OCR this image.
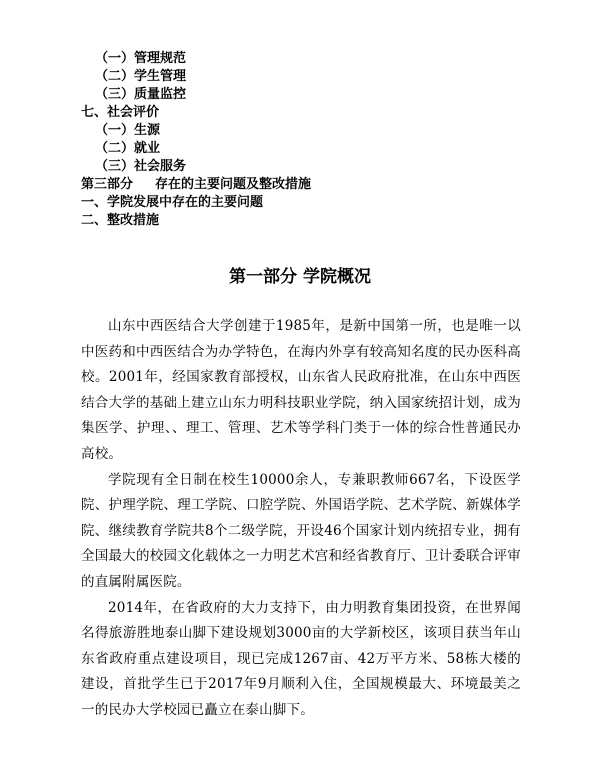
（一）管理规范
（二）学生管理
（三）质量监控
七、社会评价
（一）生源
（二）就业
（三）社会服务
第三部分 存在的主要问题及整改措施
一、学院发展中存在的主要问题
二、整改措施
第一部分 学院概况

山东中西医结合大学创建于1985年，是新中国第一所，也是唯一以中医药和中西医结合为办学特色，在海内外享有较高知名度的民办医科高校。2001年，经国家教育部授权，山东省人民政府批准，在山东中西医结合大学的基础上建立山东力明科技职业学院，纳入国家统招计划，成为集医学、护理、、理工、管理、艺术等学科门类于一体的综合性普通民办高校。

学院现有全日制在校生10000余人，专兼职教师667名，下设医学院、护理学院、理工学院、口腔学院、外国语学院、艺术学院、新媒体学院、继续教育学院共8个二级学院，开设46个国家计划内统招专业，拥有全国最大的校园文化载体之一力明艺术宫和经省教育厅、卫计委联合评审的直属附属医院。

2014年，在省政府的大力支持下，由力明教育集团投资，在世界闻名得旅游胜地泰山脚下建设规划3000亩的大学新校区，该项目获当年山东省政府重点建设项目，现已完成1267亩、42万平方米、58栋大楼的建设，首批学生已于2017年9月顺利入住，全国规模最大、环境最美之一的民办大学校园已矗立在泰山脚下。
